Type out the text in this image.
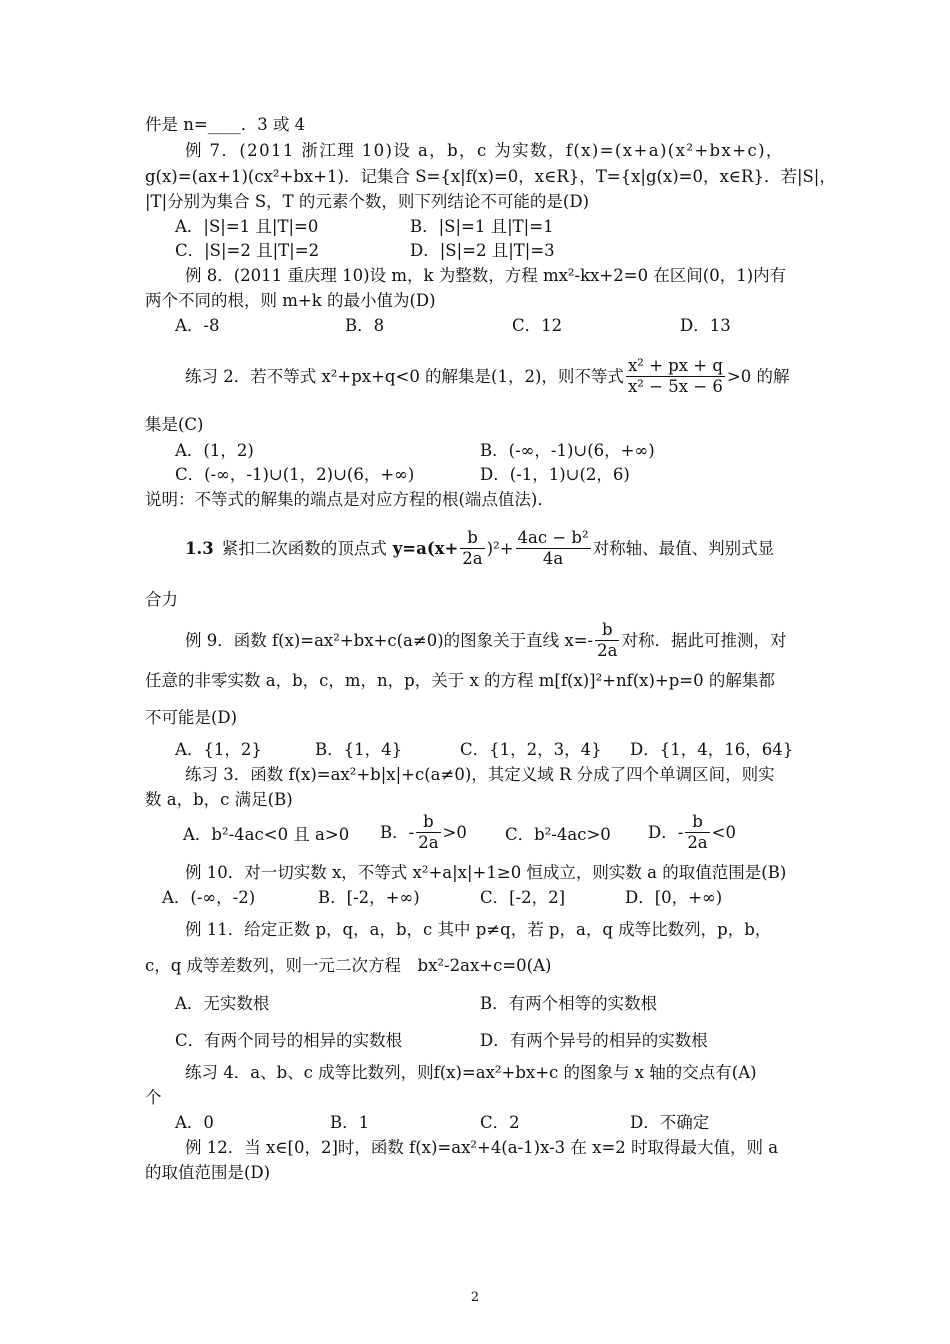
件是 n=____．3 或 4
例 7．(2011 浙江理 10)设 a，b，c 为实数，f(x)=(x+a)(x²+bx+c)，
g(x)=(ax+1)(cx²+bx+1)．记集合 S={x|f(x)=0，x∈R}，T={x|g(x)=0，x∈R}．若|S|，
|T|分别为集合 S，T 的元素个数，则下列结论不可能的是(D)
A．|S|=1 且|T|=0	B．|S|=1 且|T|=1
C．|S|=2 且|T|=2	D．|S|=2 且|T|=3
例 8．(2011 重庆理 10)设 m，k 为整数，方程 mx²-kx+2=0 在区间(0，1)内有
两个不同的根，则 m+k 的最小值为(D)
A．-8	B．8	C．12	D．13
练习 2．若不等式 x²+px+q<0 的解集是(1，2)，则不等式 $\frac{\text{x² + px + q}}{\text{x² − 5x − 6}} >0$ 的解
集是(C)
A．(1，2)	B．(-∞，-1)∪(6，+∞)
C．(-∞，-1)∪(1，2)∪(6，+∞)	D．(-1，1)∪(2，6)
说明：不等式的解集的端点是对应方程的根(端点值法)．
1.3 紧扣二次函数的顶点式 $y=a(x+ \frac{b}{2a} )^2+ \frac{\text{4ac − b²}}{4a}$ 对称轴、最值、判别式显
合力
例 9．函数 f(x)=ax²+bx+c(a≠0)的图象关于直线 $x=- \frac{b}{2a}$ 对称．据此可推测，对
任意的非零实数 a，b，c，m，n，p，关于 x 的方程 m[f(x)]²+nf(x)+p=0 的解集都
不可能是(D)
A．{1，2}	B．{1，4}	C．{1，2，3，4} D．{1，4，16，64}
练习 3．函数 f(x)=ax²+b|x|+c(a≠0)，其定义域 R 分成了四个单调区间，则实
数 a，b，c 满足(B)
A．b²-4ac<0 且 a>0 B．- $\frac{b}{2a} >0$ C．b²-4ac>0 D．- $\frac{b}{2a} <0$
例 10．对一切实数 x，不等式 x²+a|x|+1≥0 恒成立，则实数 a 的取值范围是(B)
A．(-∞，-2)	B．[-2，+∞)	C．[-2，2]	D．[0，+∞)
例 11．给定正数 p，q，a，b，c 其中 p≠q，若 p，a，q 成等比数列，p，b，
c，q 成等差数列，则一元二次方程　bx²-2ax+c=0(A)
A．无实数根	B．有两个相等的实数根
C．有两个同号的相异的实数根	D．有两个异号的相异的实数根
练习 4．a、b、c 成等比数列，则f(x)=ax²+bx+c 的图象与 x 轴的交点有(A)
个
A．0	B．1	C．2	D．不确定
例 12．当 x∈[0，2]时，函数 f(x)=ax²+4(a-1)x-3 在 x=2 时取得最大值，则 a
的取值范围是(D)
2
